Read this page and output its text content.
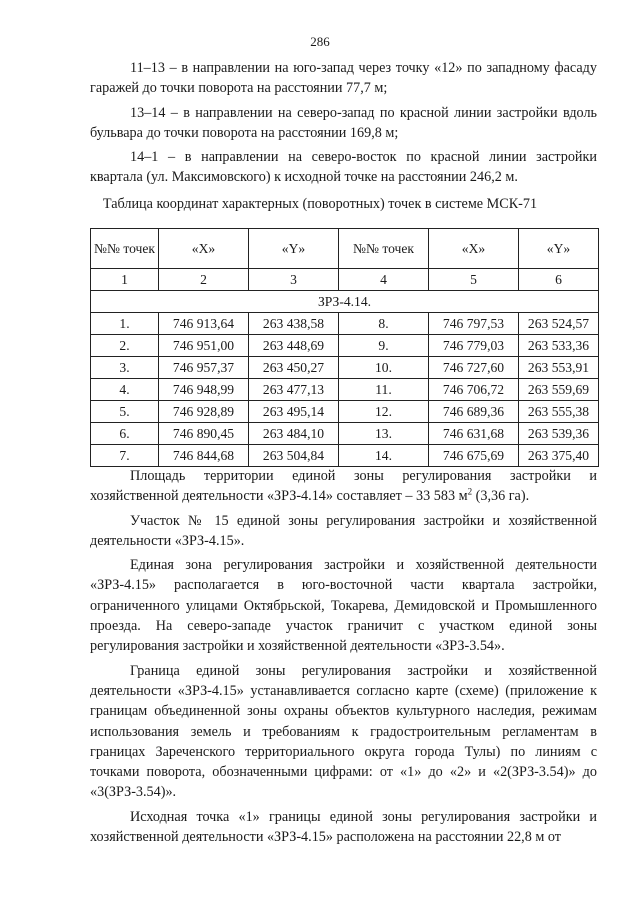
286

11–13 – в направлении на юго-запад через точку «12» по западному фасаду гаражей до точки поворота на расстоянии 77,7 м;

13–14 – в направлении на северо-запад по красной линии застройки вдоль бульвара до точки поворота на расстоянии 169,8 м;

14–1 – в направлении на северо-восток по красной линии застройки квартала (ул. Максимовского) к исходной точке на расстоянии 246,2 м.

Таблица координат характерных (поворотных) точек в системе МСК-71
№№ точек	«X»	«Y»	№№ точек	«X»	«Y»
1	2	3	4	5	6
ЗРЗ-4.14.					
1.	746 913,64	263 438,58	8.	746 797,53	263 524,57
2.	746 951,00	263 448,69	9.	746 779,03	263 533,36
3.	746 957,37	263 450,27	10.	746 727,60	263 553,91
4.	746 948,99	263 477,13	11.	746 706,72	263 559,69
5.	746 928,89	263 495,14	12.	746 689,36	263 555,38
6.	746 890,45	263 484,10	13.	746 631,68	263 539,36
7.	746 844,68	263 504,84	14.	746 675,69	263 375,40

Площадь территории единой зоны регулирования застройки и хозяйственной деятельности «ЗРЗ-4.14» составляет – 33 583 $м^2$ (3,36 га).

Участок № 15 единой зоны регулирования застройки и хозяйственной деятельности «ЗРЗ-4.15».

Единая зона регулирования застройки и хозяйственной деятельности «ЗРЗ-4.15» располагается в юго-восточной части квартала застройки, ограниченного улицами Октябрьской, Токарева, Демидовской и Промышленного проезда. На северо-западе участок граничит с участком единой зоны регулирования застройки и хозяйственной деятельности «ЗРЗ-3.54».

Граница единой зоны регулирования застройки и хозяйственной деятельности «ЗРЗ-4.15» устанавливается согласно карте (схеме) (приложение к границам объединенной зоны охраны объектов культурного наследия, режимам использования земель и требованиям к градостроительным регламентам в границах Зареченского территориального округа города Тулы) по линиям с точками поворота, обозначенными цифрами: от «1» до «2» и «2(ЗРЗ-3.54)» до «3(ЗРЗ-3.54)».

Исходная точка «1» границы единой зоны регулирования застройки и хозяйственной деятельности «ЗРЗ-4.15» расположена на расстоянии 22,8 м от
